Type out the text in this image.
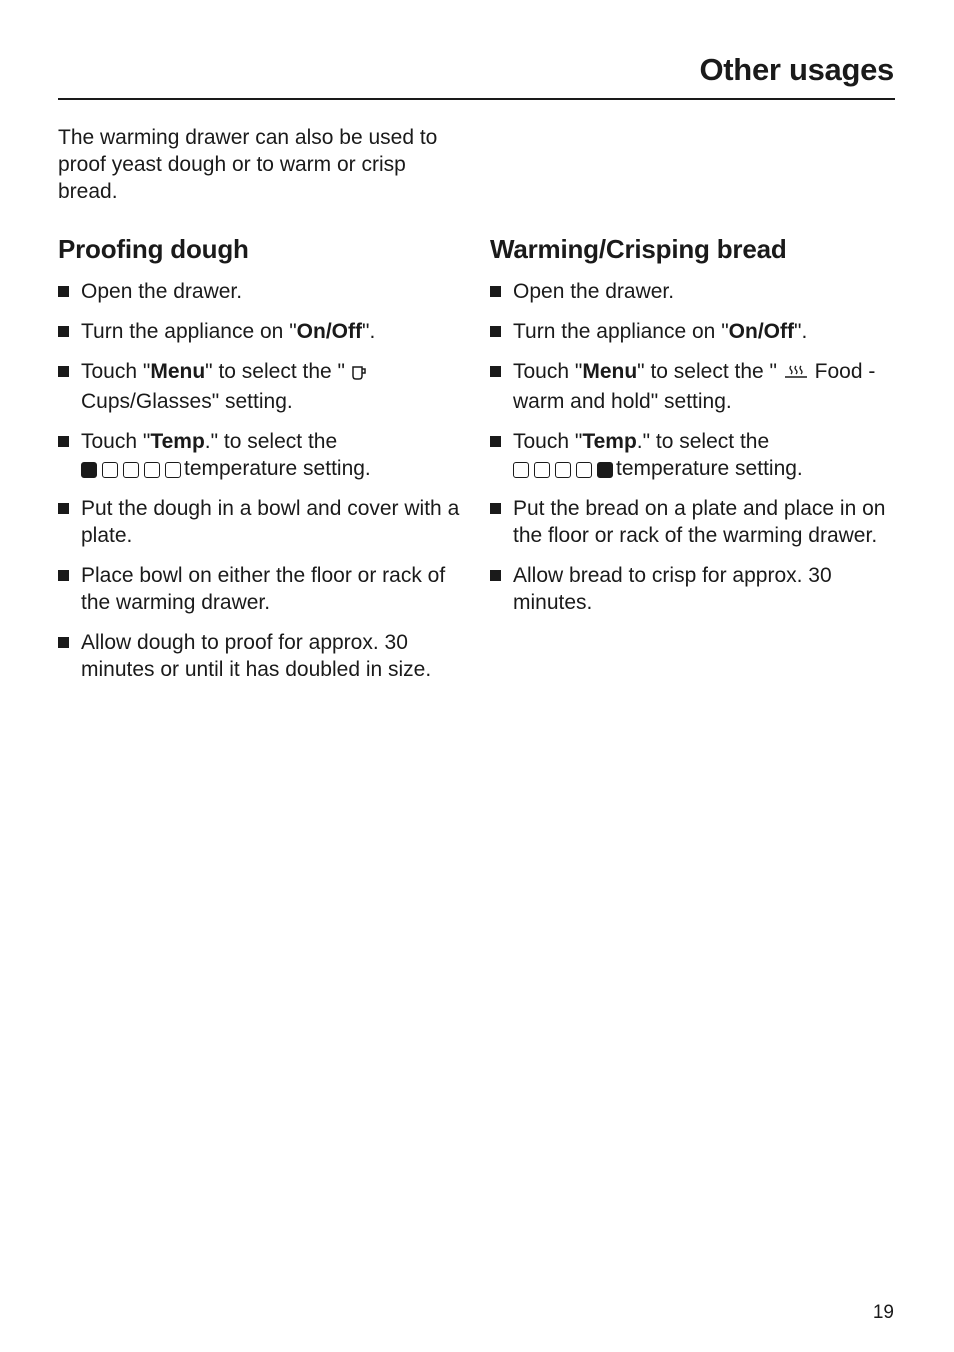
Other usages

The warming drawer can also be used to proof yeast dough or to warm or crisp bread.

Proofing dough
Open the drawer.
Turn the appliance on "On/Off".
Touch "Menu" to select the "  Cups/Glasses" setting.
Touch "Temp." to select the

temperature setting.
Put the dough in a bowl and cover with a plate.
Place bowl on either the floor or rack of the warming drawer.
Allow dough to proof for approx. 30 minutes or until it has doubled in size.
Warming/Crisping bread
Open the drawer.
Turn the appliance on "On/Off".
Touch "Menu" to select the "  Food - warm and hold" setting.
Touch "Temp." to select the

temperature setting.
Put the bread on a plate and place in on the floor or rack of the warming drawer.
Allow bread to crisp for approx. 30 minutes.
19
